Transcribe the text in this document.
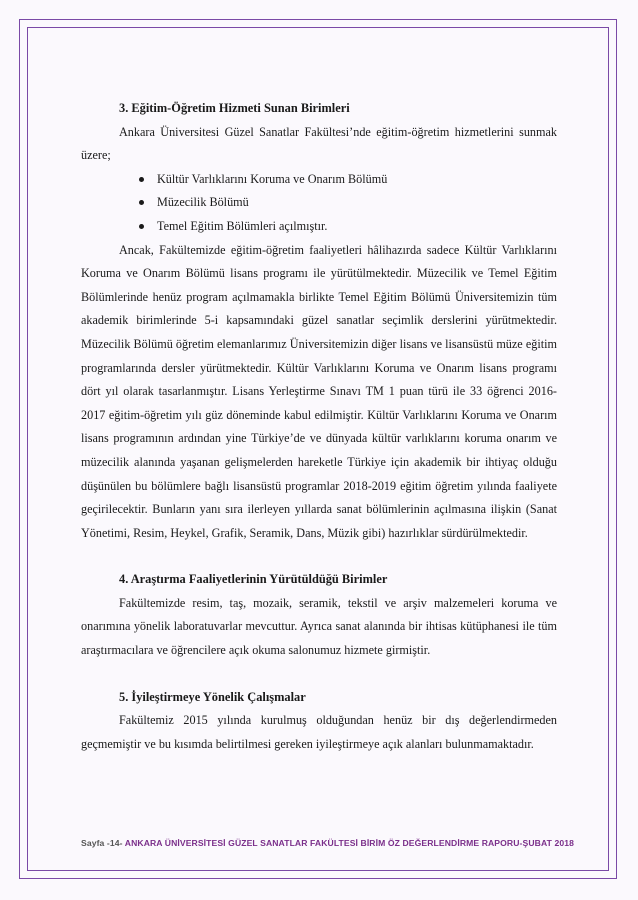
3. Eğitim-Öğretim Hizmeti Sunan Birimleri

Ankara Üniversitesi Güzel Sanatlar Fakültesi’nde eğitim-öğretim hizmetlerini sunmak üzere;

Kültür Varlıklarını Koruma ve Onarım Bölümü
Müzecilik Bölümü
Temel Eğitim Bölümleri açılmıştır.

Ancak, Fakültemizde eğitim-öğretim faaliyetleri hâlihazırda sadece Kültür Varlıklarını Koruma ve Onarım Bölümü lisans programı ile yürütülmektedir. Müzecilik ve Temel Eğitim Bölümlerinde henüz program açılmamakla birlikte Temel Eğitim Bölümü Üniversitemizin tüm akademik birimlerinde 5-i kapsamındaki güzel sanatlar seçimlik derslerini yürütmektedir. Müzecilik Bölümü öğretim elemanlarımız Üniversitemizin diğer lisans ve lisansüstü müze eğitim programlarında dersler yürütmektedir. Kültür Varlıklarını Koruma ve Onarım lisans programı dört yıl olarak tasarlanmıştır. Lisans Yerleştirme Sınavı TM 1 puan türü ile 33 öğrenci 2016- 2017 eğitim-öğretim yılı güz döneminde kabul edilmiştir. Kültür Varlıklarını Koruma ve Onarım lisans programının ardından yine Türkiye’de ve dünyada kültür varlıklarını koruma onarım ve müzecilik alanında yaşanan gelişmelerden hareketle Türkiye için akademik bir ihtiyaç olduğu düşünülen bu bölümlere bağlı lisansüstü programlar 2018-2019 eğitim öğretim yılında faaliyete geçirilecektir. Bunların yanı sıra ilerleyen yıllarda sanat bölümlerinin açılmasına ilişkin (Sanat Yönetimi, Resim, Heykel, Grafik, Seramik, Dans, Müzik gibi) hazırlıklar sürdürülmektedir.

4. Araştırma Faaliyetlerinin Yürütüldüğü Birimler

Fakültemizde resim, taş, mozaik, seramik, tekstil ve arşiv malzemeleri koruma ve onarımına yönelik laboratuvarlar mevcuttur. Ayrıca sanat alanında bir ihtisas kütüphanesi ile tüm araştırmacılara ve öğrencilere açık okuma salonumuz hizmete girmiştir.

5. İyileştirmeye Yönelik Çalışmalar

Fakültemiz 2015 yılında kurulmuş olduğundan henüz bir dış değerlendirmeden geçmemiştir ve bu kısımda belirtilmesi gereken iyileştirmeye açık alanları bulunmamaktadır.

Sayfa -14- ANKARA ÜNİVERSİTESİ GÜZEL SANATLAR FAKÜLTESİ BİRİM ÖZ DEĞERLENDİRME RAPORU-ŞUBAT 2018
